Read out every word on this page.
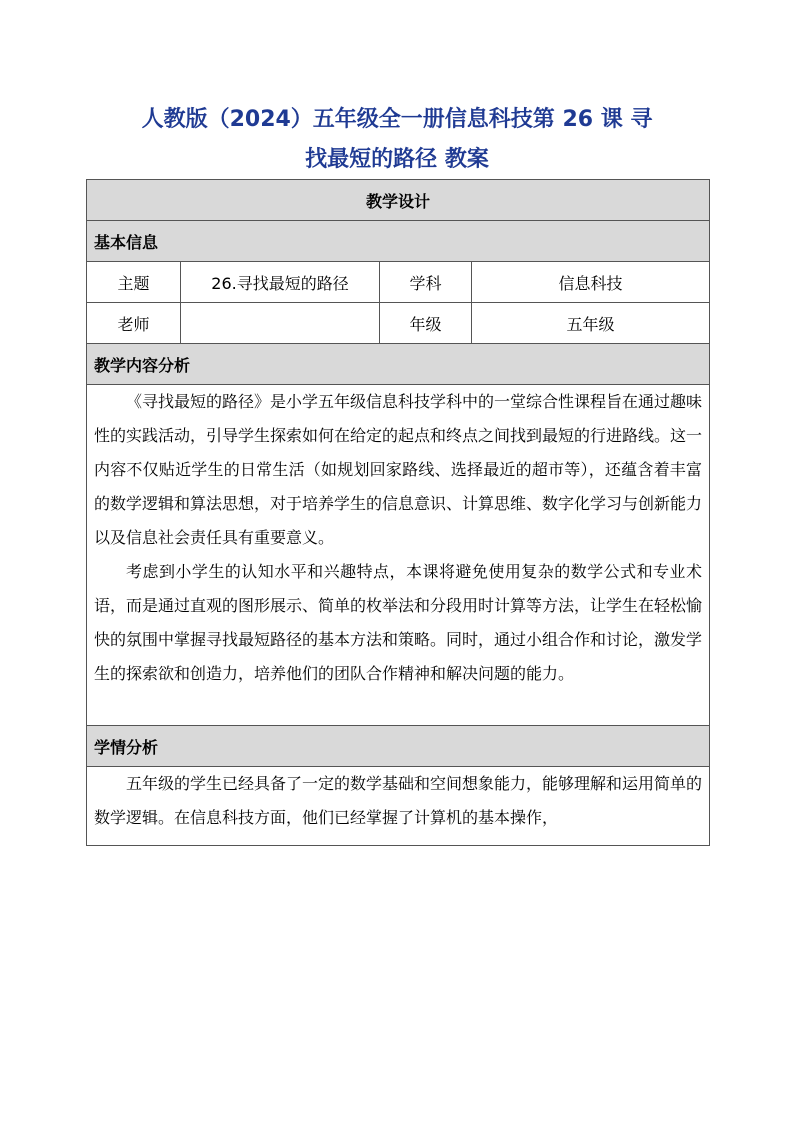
人教版（2024）五年级全一册信息科技第 26 课 寻
找最短的路径 教案
教学设计			
基本信息			
主题	26.寻找最短的路径	学科	信息科技
老师		年级	五年级
教学内容分析			

《寻找最短的路径》是小学五年级信息科技学科中的一堂综合性课程旨在通过趣味性的实践活动，引导学生探索如何在给定的起点和终点之间找到最短的行进路线。这一内容不仅贴近学生的日常生活（如规划回家路线、选择最近的超市等），还蕴含着丰富的数学逻辑和算法思想，对于培养学生的信息意识、计算思维、数字化学习与创新能力以及信息社会责任具有重要意义。

考虑到小学生的认知水平和兴趣特点，本课将避免使用复杂的数学公式和专业术语，而是通过直观的图形展示、简单的枚举法和分段用时计算等方法，让学生在轻松愉快的氛围中掌握寻找最短路径的基本方法和策略。同时，通过小组合作和讨论，激发学生的探索欲和创造力，培养他们的团队合作精神和解决问题的能力。			

学情分析			

五年级的学生已经具备了一定的数学基础和空间想象能力，能够理解和运用简单的数学逻辑。在信息科技方面，他们已经掌握了计算机的基本操作，			
